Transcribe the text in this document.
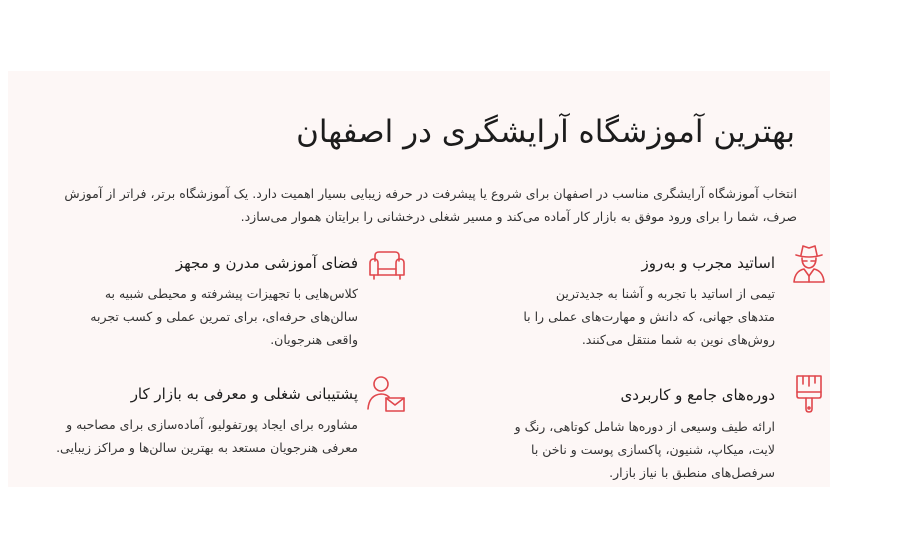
بهترین آموزشگاه آرایشگری در اصفهان

انتخاب آموزشگاه آرایشگری مناسب در اصفهان برای شروع یا پیشرفت در حرفه زیبایی بسیار اهمیت دارد. یک آموزشگاه برتر، فراتر از آموزش صرف، شما را برای ورود موفق به بازار کار آماده می‌کند و مسیر شغلی درخشانی را برایتان هموار می‌سازد.

اساتید مجرب و به‌روز

تیمی از اساتید با تجربه و آشنا به جدیدترین متدهای جهانی، که دانش و مهارت‌های عملی را با روش‌های نوین به شما منتقل می‌کنند.

فضای آموزشی مدرن و مجهز

کلاس‌هایی با تجهیزات پیشرفته و محیطی شبیه به سالن‌های حرفه‌ای، برای تمرین عملی و کسب تجربه واقعی هنرجویان.

دوره‌های جامع و کاربردی

ارائه طیف وسیعی از دوره‌ها شامل کوتاهی، رنگ و لایت، میکاپ، شنیون، پاکسازی پوست و ناخن با سرفصل‌های منطبق با نیاز بازار.

پشتیبانی شغلی و معرفی به بازار کار

مشاوره برای ایجاد پورتفولیو، آماده‌سازی برای مصاحبه و معرفی هنرجویان مستعد به بهترین سالن‌ها و مراکز زیبایی.
